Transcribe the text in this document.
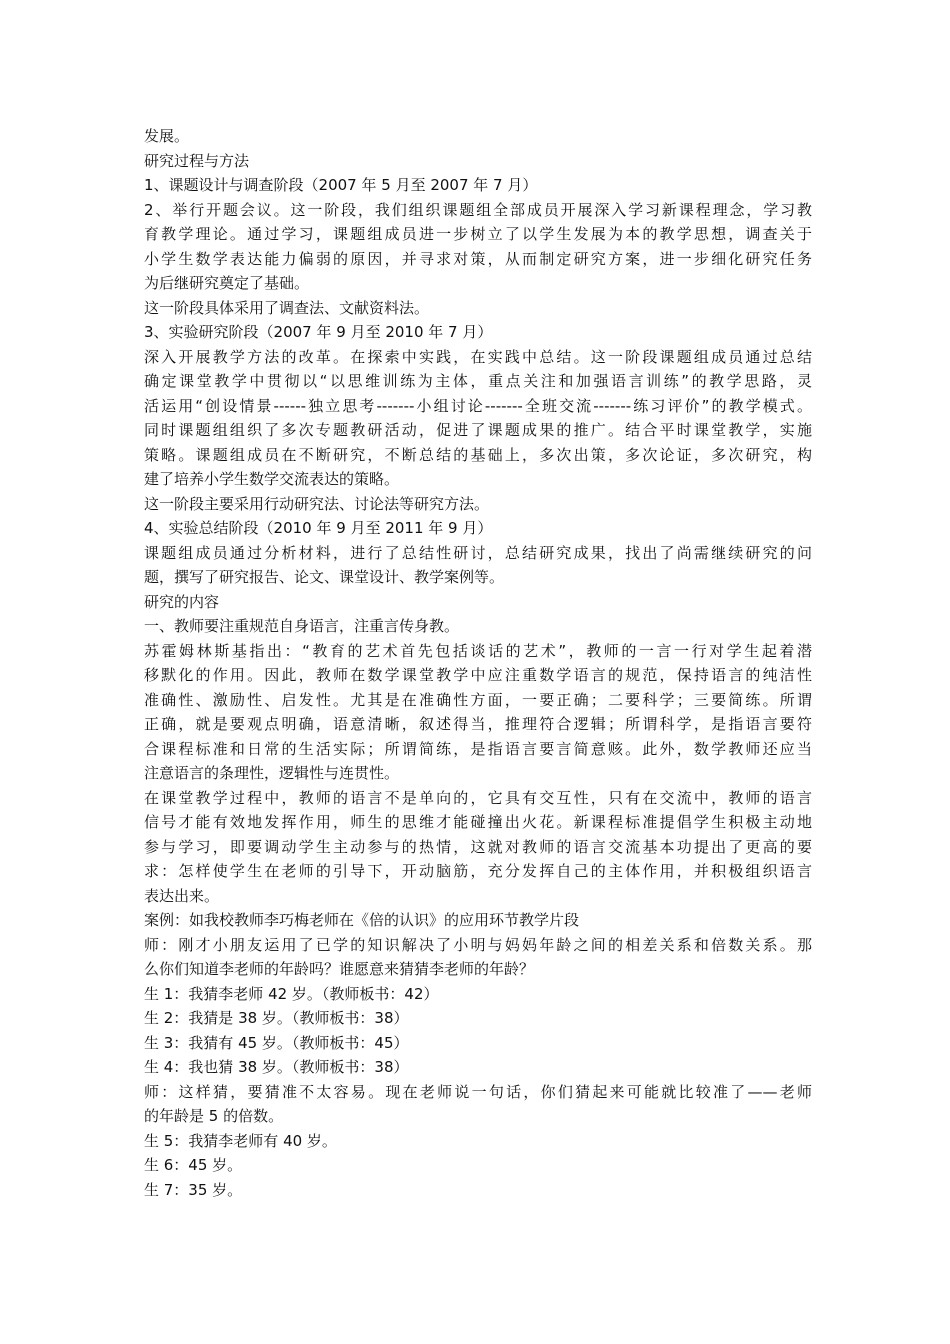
发展。
研究过程与方法
1、课题设计与调查阶段（2007 年 5 月至 2007 年 7 月）
2、举行开题会议。这一阶段，我们组织课题组全部成员开展深入学习新课程理念，学习教
育教学理论。通过学习，课题组成员进一步树立了以学生发展为本的教学思想，调查关于
小学生数学表达能力偏弱的原因，并寻求对策，从而制定研究方案，进一步细化研究任务
为后继研究奠定了基础。
这一阶段具体采用了调查法、文献资料法。
3、实验研究阶段（2007 年 9 月至 2010 年 7 月）
深入开展教学方法的改革。在探索中实践，在实践中总结。这一阶段课题组成员通过总结
确定课堂教学中贯彻以“以思维训练为主体，重点关注和加强语言训练”的教学思路，灵
活运用“创设情景------独立思考-------小组讨论-------全班交流-------练习评价”的教学模式。
同时课题组组织了多次专题教研活动，促进了课题成果的推广。结合平时课堂教学，实施
策略。课题组成员在不断研究，不断总结的基础上，多次出策，多次论证，多次研究，构
建了培养小学生数学交流表达的策略。
这一阶段主要采用行动研究法、讨论法等研究方法。
4、实验总结阶段（2010 年 9 月至 2011 年 9 月）
课题组成员通过分析材料，进行了总结性研讨，总结研究成果，找出了尚需继续研究的问
题，撰写了研究报告、论文、课堂设计、教学案例等。
研究的内容
一、教师要注重规范自身语言，注重言传身教。
苏霍姆林斯基指出：“教育的艺术首先包括谈话的艺术”，教师的一言一行对学生起着潜
移默化的作用。因此，教师在数学课堂教学中应注重数学语言的规范，保持语言的纯洁性
准确性、激励性、启发性。尤其是在准确性方面，一要正确；二要科学；三要简练。所谓
正确，就是要观点明确，语意清晰，叙述得当，推理符合逻辑；所谓科学，是指语言要符
合课程标准和日常的生活实际；所谓简练，是指语言要言简意赅。此外，数学教师还应当
注意语言的条理性，逻辑性与连贯性。
在课堂教学过程中，教师的语言不是单向的，它具有交互性，只有在交流中，教师的语言
信号才能有效地发挥作用，师生的思维才能碰撞出火花。新课程标准提倡学生积极主动地
参与学习，即要调动学生主动参与的热情，这就对教师的语言交流基本功提出了更高的要
求：怎样使学生在老师的引导下，开动脑筋，充分发挥自己的主体作用，并积极组织语言
表达出来。
案例：如我校教师李巧梅老师在《倍的认识》的应用环节教学片段
师：刚才小朋友运用了已学的知识解决了小明与妈妈年龄之间的相差关系和倍数关系。那
么你们知道李老师的年龄吗？谁愿意来猜猜李老师的年龄？
生 1：我猜李老师 42 岁。（教师板书：42）
生 2：我猜是 38 岁。（教师板书：38）
生 3：我猜有 45 岁。（教师板书：45）
生 4：我也猜 38 岁。（教师板书：38）
师：这样猜，要猜准不太容易。现在老师说一句话，你们猜起来可能就比较准了——老师
的年龄是 5 的倍数。
生 5：我猜李老师有 40 岁。
生 6：45 岁。
生 7：35 岁。
